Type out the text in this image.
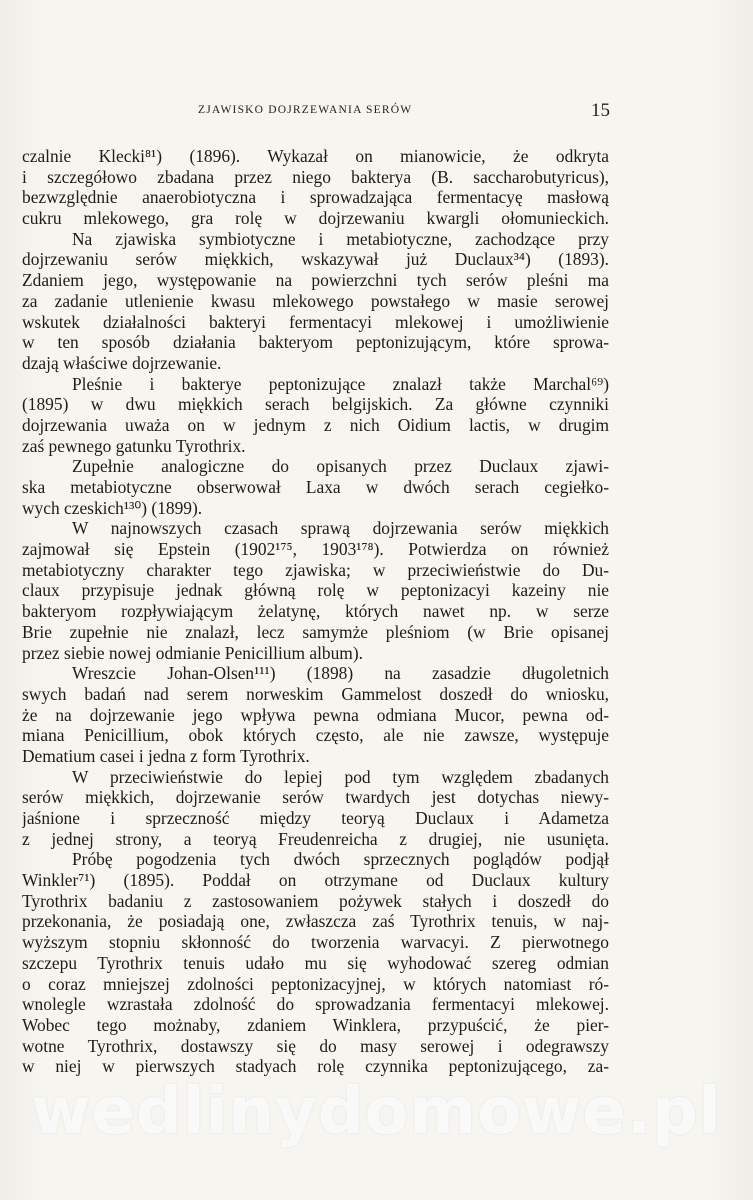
ZJAWISKO DOJRZEWANIA SERÓW	15
czalnie Klecki⁸¹) (1896). Wykazał on mianowicie, że odkryta
i szczegółowo zbadana przez niego bakterya (B. saccharobutyricus),
bezwzględnie anaerobiotyczna i sprowadzająca fermentacyę masłową
cukru mlekowego, gra rolę w dojrzewaniu kwargli ołomunieckich.
Na zjawiska symbiotyczne i metabiotyczne, zachodzące przy
dojrzewaniu serów miękkich, wskazywał już Duclaux³⁴) (1893).
Zdaniem jego, występowanie na powierzchni tych serów pleśni ma
za zadanie utlenienie kwasu mlekowego powstałego w masie serowej
wskutek działalności bakteryi fermentacyi mlekowej i umożliwienie
w ten sposób działania bakteryom peptonizującym, które sprowa-
dzają właściwe dojrzewanie.
Pleśnie i bakterye peptonizujące znalazł także Marchal⁶⁹)
(1895) w dwu miękkich serach belgijskich. Za główne czynniki
dojrzewania uważa on w jednym z nich Oidium lactis, w drugim
zaś pewnego gatunku Tyrothrix.
Zupełnie analogiczne do opisanych przez Duclaux zjawi-
ska metabiotyczne obserwował Laxa w dwóch serach cegiełko-
wych czeskich¹³⁰) (1899).
W najnowszych czasach sprawą dojrzewania serów miękkich
zajmował się Epstein (1902¹⁷⁵, 1903¹⁷⁸). Potwierdza on również
metabiotyczny charakter tego zjawiska; w przeciwieństwie do Du-
claux przypisuje jednak główną rolę w peptonizacyi kazeiny nie
bakteryom rozpływiającym żelatynę, których nawet np. w serze
Brie zupełnie nie znalazł, lecz samymże pleśniom (w Brie opisanej
przez siebie nowej odmianie Penicillium album).
Wreszcie Johan-Olsen¹¹¹) (1898) na zasadzie długoletnich
swych badań nad serem norweskim Gammelost doszedł do wniosku,
że na dojrzewanie jego wpływa pewna odmiana Mucor, pewna od-
miana Penicillium, obok których często, ale nie zawsze, występuje
Dematium casei i jedna z form Tyrothrix.
W przeciwieństwie do lepiej pod tym względem zbadanych
serów miękkich, dojrzewanie serów twardych jest dotychas niewy-
jaśnione i sprzeczność między teoryą Duclaux i Adametza
z jednej strony, a teoryą Freudenreicha z drugiej, nie usunięta.
Próbę pogodzenia tych dwóch sprzecznych poglądów podjął
Winkler⁷¹) (1895). Poddał on otrzymane od Duclaux kultury
Tyrothrix badaniu z zastosowaniem pożywek stałych i doszedł do
przekonania, że posiadają one, zwłaszcza zaś Tyrothrix tenuis, w naj-
wyższym stopniu skłonność do tworzenia warvacyi. Z pierwotnego
szczepu Tyrothrix tenuis udało mu się wyhodować szereg odmian
o coraz mniejszej zdolności peptonizacyjnej, w których natomiast ró-
wnolegle wzrastała zdolność do sprowadzania fermentacyi mlekowej.
Wobec tego możnaby, zdaniem Winklera, przypuścić, że pier-
wotne Tyrothrix, dostawszy się do masy serowej i odegrawszy
w niej w pierwszych stadyach rolę czynnika peptonizującego, za-
wedlinydomowe.pl
